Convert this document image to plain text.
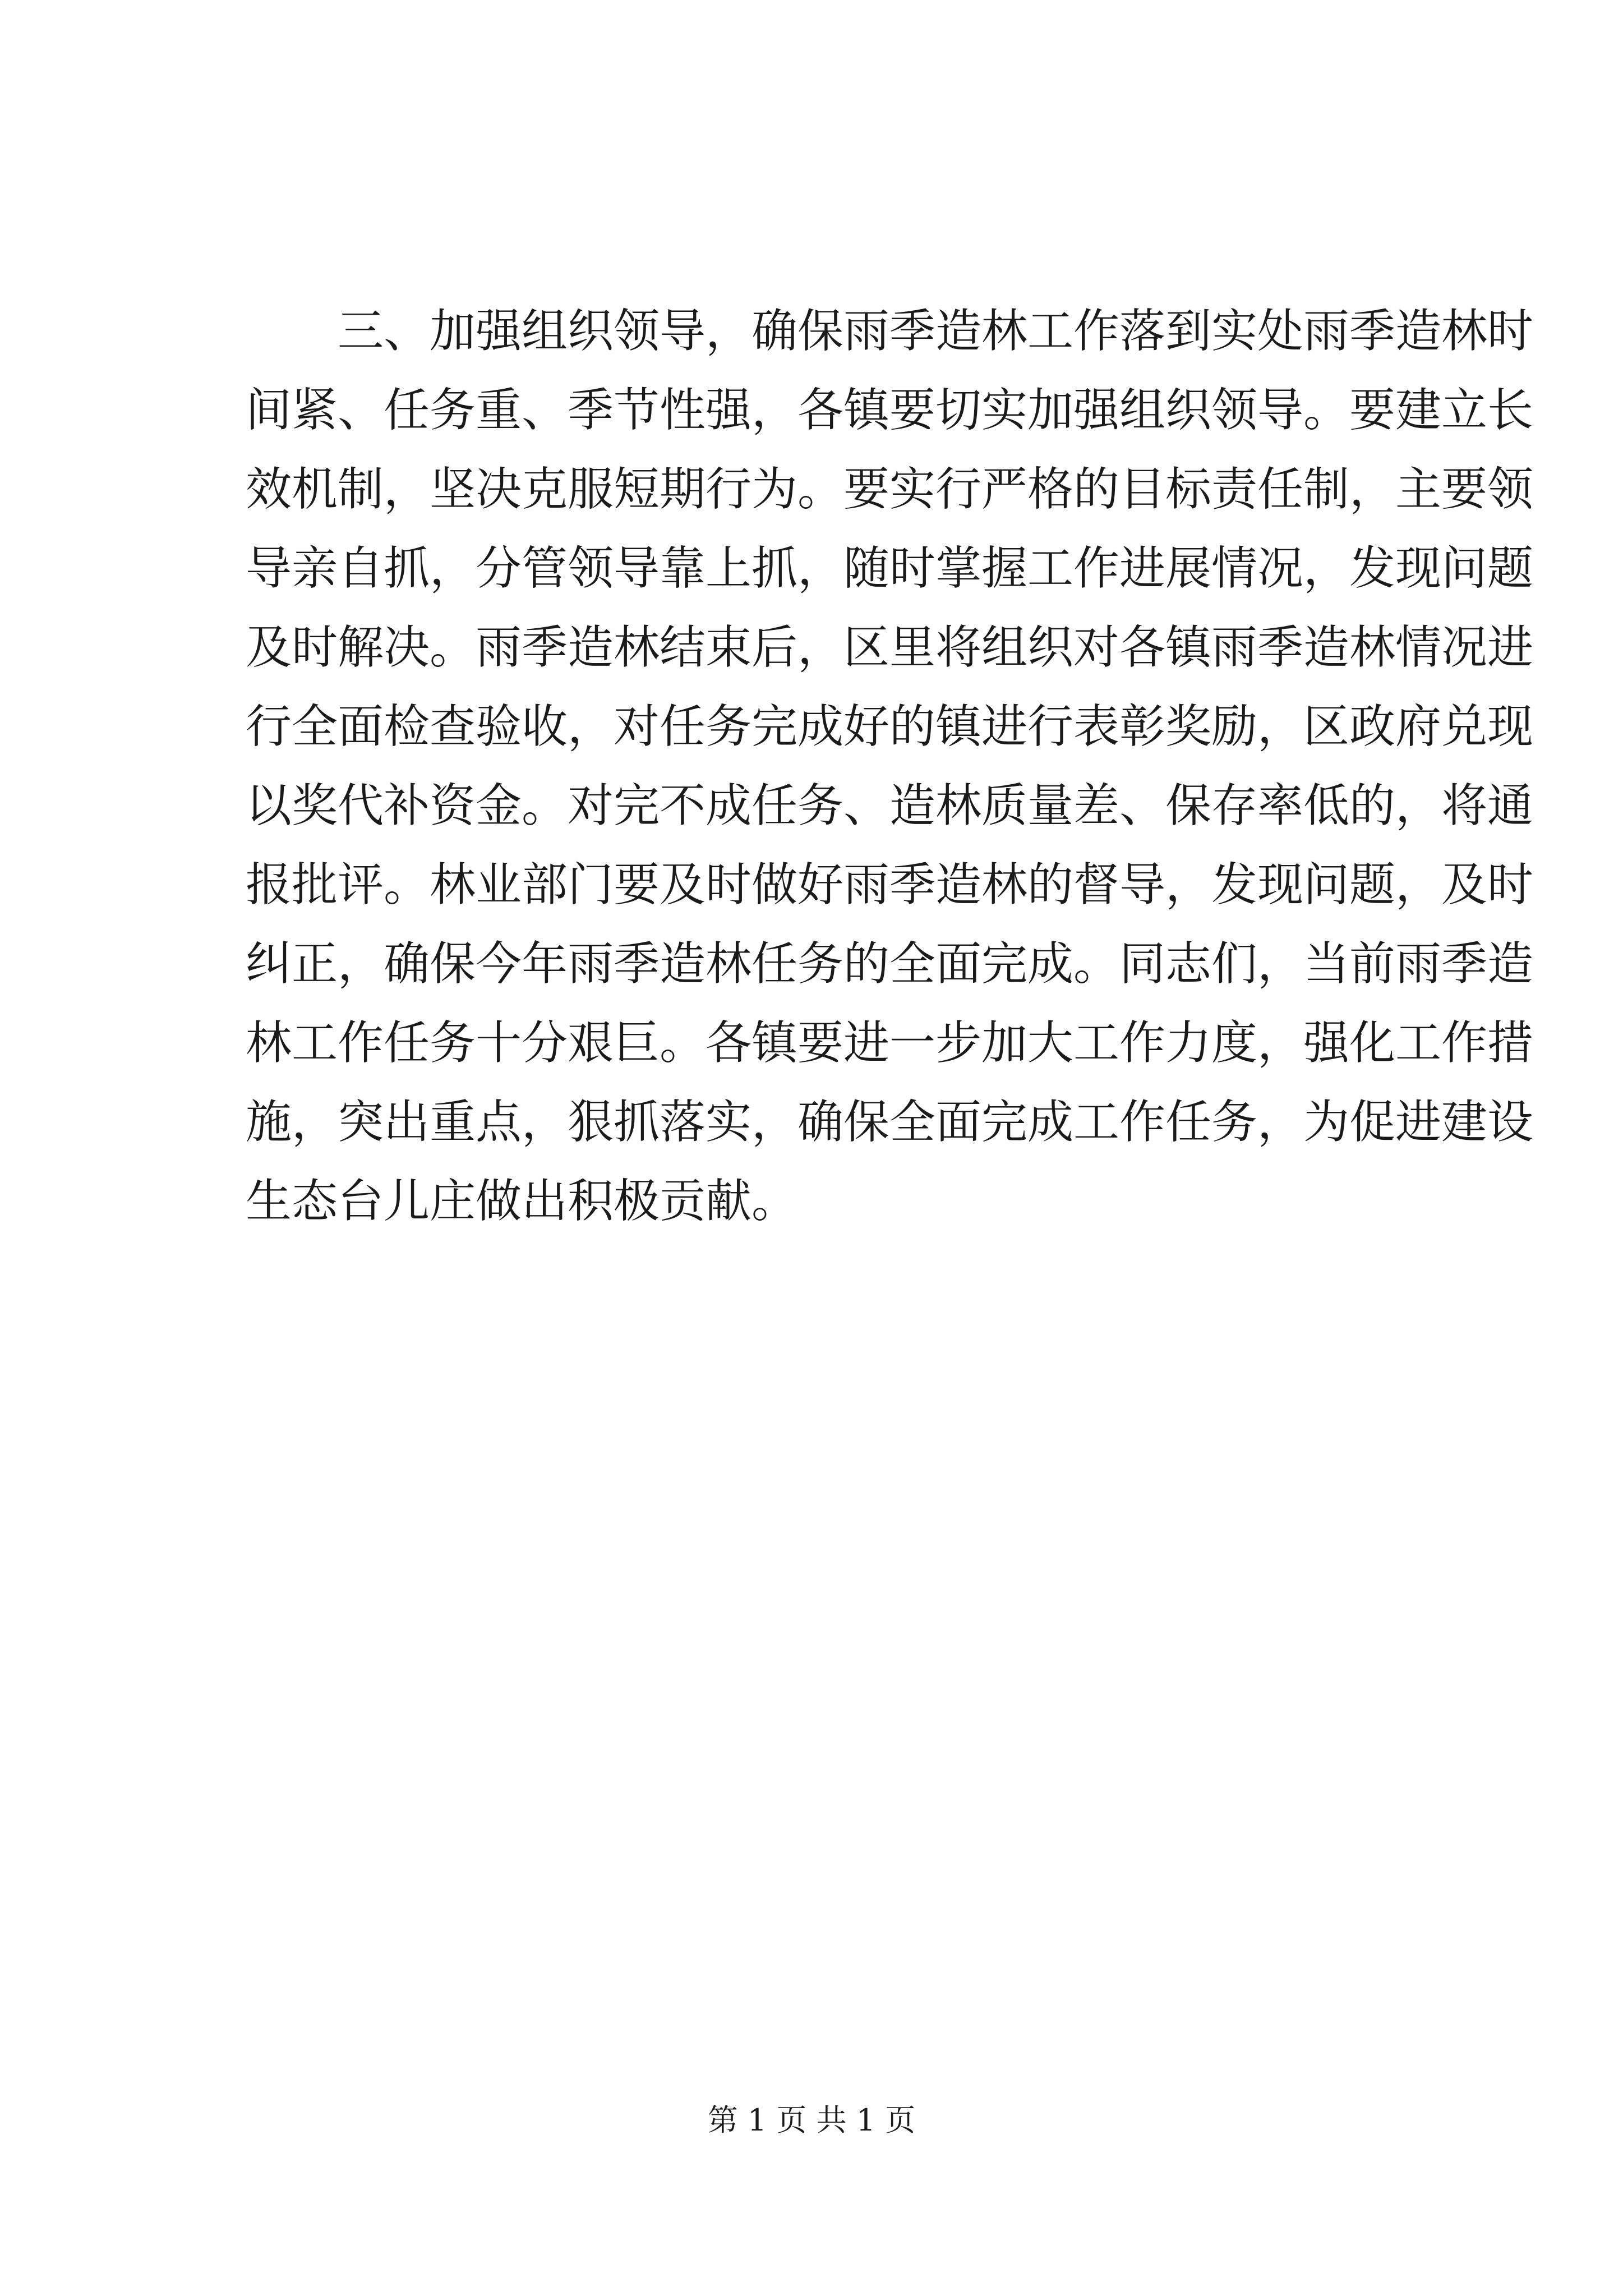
三、加强组织领导，确保雨季造林工作落到实处雨季造林时
间紧、任务重、季节性强，各镇要切实加强组织领导。要建立长
效机制，坚决克服短期行为。要实行严格的目标责任制，主要领
导亲自抓，分管领导靠上抓，随时掌握工作进展情况，发现问题
及时解决。雨季造林结束后，区里将组织对各镇雨季造林情况进
行全面检查验收，对任务完成好的镇进行表彰奖励，区政府兑现
以奖代补资金。对完不成任务、造林质量差、保存率低的，将通
报批评。林业部门要及时做好雨季造林的督导，发现问题，及时
纠正，确保今年雨季造林任务的全面完成。同志们，当前雨季造
林工作任务十分艰巨。各镇要进一步加大工作力度，强化工作措
施，突出重点，狠抓落实，确保全面完成工作任务，为促进建设
生态台儿庄做出积极贡献。
第 1 页 共 1 页
